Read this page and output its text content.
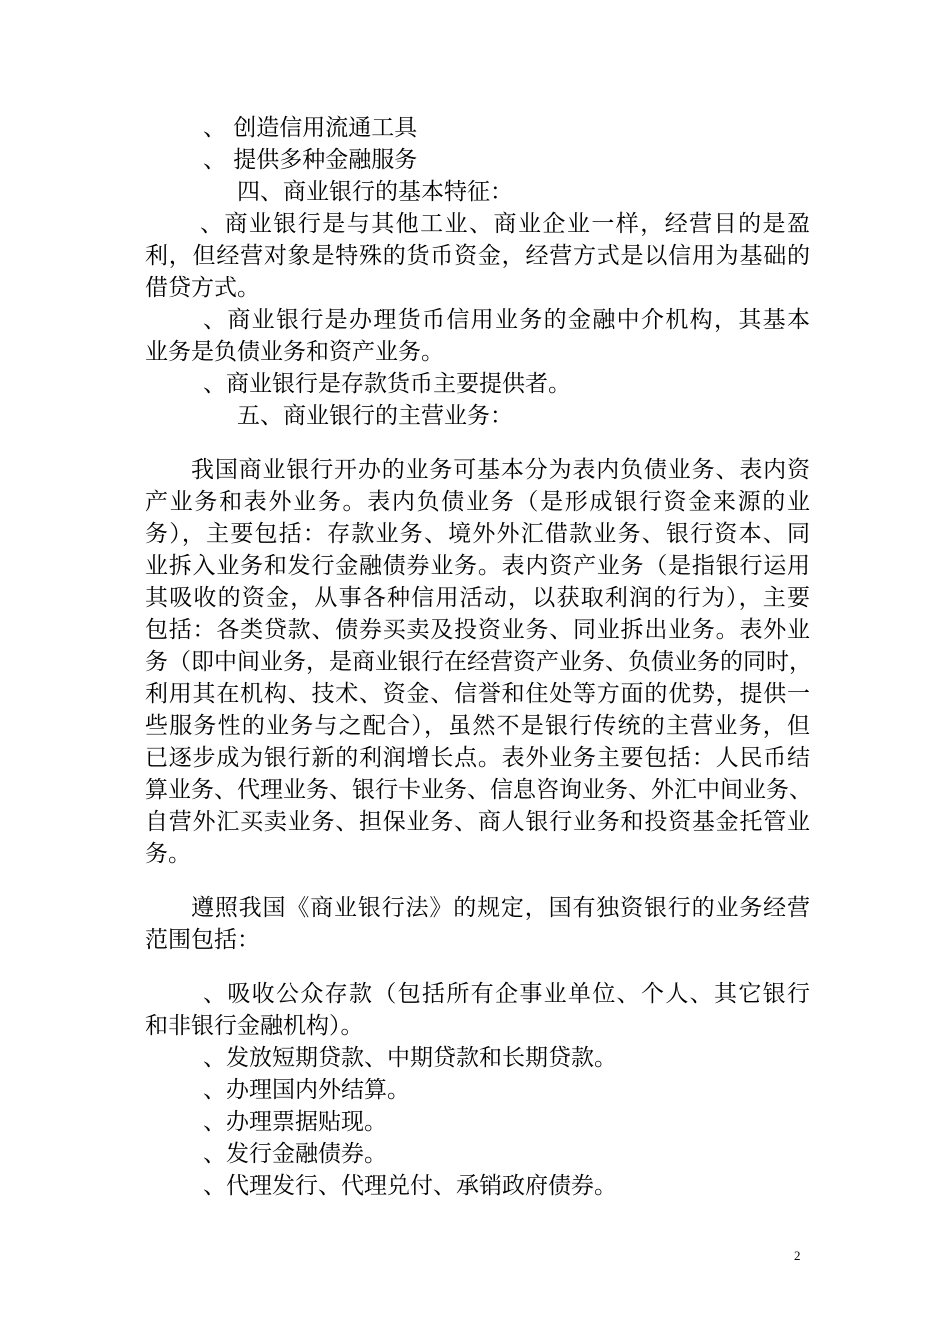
、 创造信用流通工具

、 提供多种金融服务

四、商业银行的基本特征：

、商业银行是与其他工业、商业企业一样，经营目的是盈

利，但经营对象是特殊的货币资金，经营方式是以信用为基础的

借贷方式。

、商业银行是办理货币信用业务的金融中介机构，其基本

业务是负债业务和资产业务。

、商业银行是存款货币主要提供者。

五、商业银行的主营业务：

我国商业银行开办的业务可基本分为表内负债业务、表内资

产业务和表外业务。表内负债业务（是形成银行资金来源的业

务），主要包括：存款业务、境外外汇借款业务、银行资本、同

业拆入业务和发行金融债券业务。表内资产业务（是指银行运用

其吸收的资金，从事各种信用活动，以获取利润的行为），主要

包括：各类贷款、债券买卖及投资业务、同业拆出业务。表外业

务（即中间业务，是商业银行在经营资产业务、负债业务的同时，

利用其在机构、技术、资金、信誉和住处等方面的优势，提供一

些服务性的业务与之配合），虽然不是银行传统的主营业务，但

已逐步成为银行新的利润增长点。表外业务主要包括：人民币结

算业务、代理业务、银行卡业务、信息咨询业务、外汇中间业务、

自营外汇买卖业务、担保业务、商人银行业务和投资基金托管业

务。

遵照我国《商业银行法》的规定，国有独资银行的业务经营

范围包括：

、吸收公众存款（包括所有企事业单位、个人、其它银行

和非银行金融机构）。

、发放短期贷款、中期贷款和长期贷款。

、办理国内外结算。

、办理票据贴现。

、发行金融债券。

、代理发行、代理兑付、承销政府债券。

2
